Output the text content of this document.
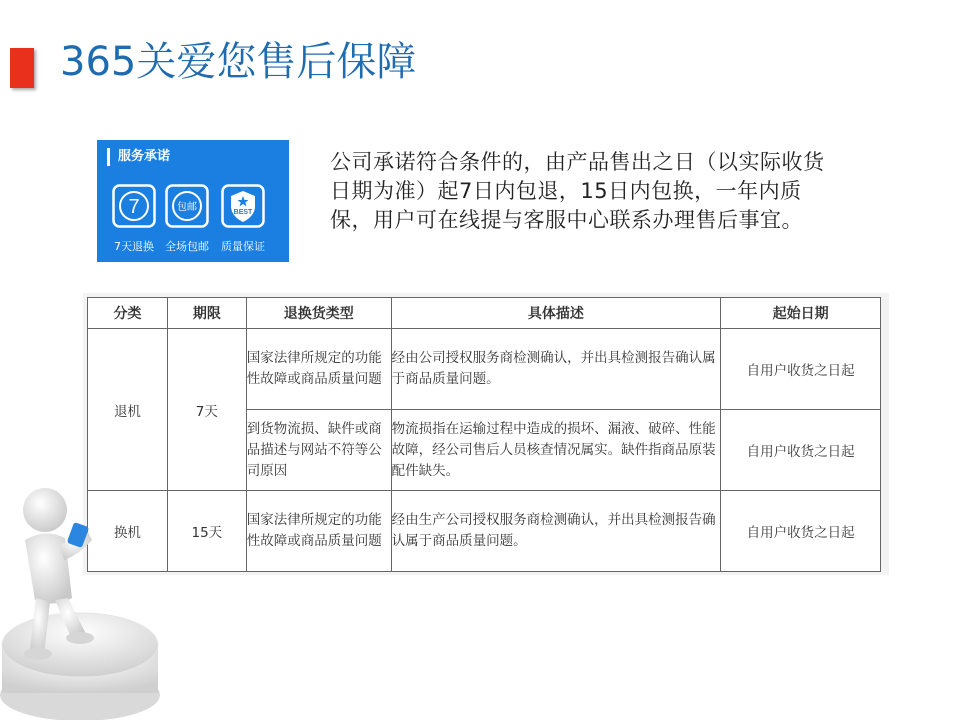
365关爱您售后保障
服务承诺
7	包邮	BEST
7天退换	全场包邮	质量保证
公司承诺符合条件的，由产品售出之日（以实际收货日期为准）起7日内包退，15日内包换，一年内质保，用户可在线提与客服中心联系办理售后事宜。
分类	期限	退换货类型	具体描述	起始日期
退机	7天	国家法律所规定的功能性故障或商品质量问题	经由公司授权服务商检测确认，并出具检测报告确认属于商品质量问题。	自用户收货之日起
		到货物流损、缺件或商品描述与网站不符等公司原因	物流损指在运输过程中造成的损坏、漏液、破碎、性能故障，经公司售后人员核查情况属实。缺件指商品原装配件缺失。	自用户收货之日起
换机	15天	国家法律所规定的功能性故障或商品质量问题	经由生产公司授权服务商检测确认，并出具检测报告确认属于商品质量问题。	自用户收货之日起
